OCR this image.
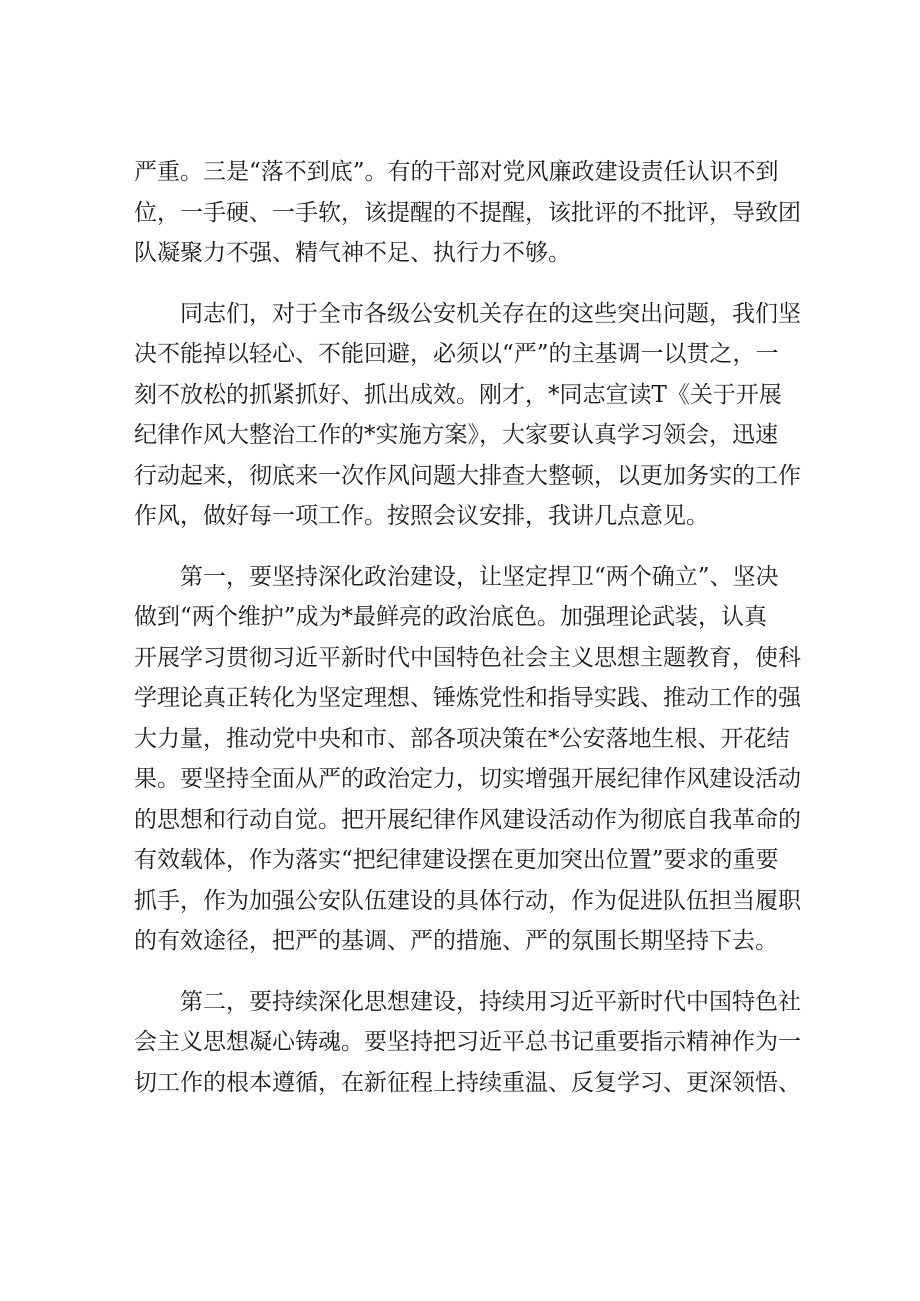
严重。三是“落不到底”。有的干部对党风廉政建设责任认识不到
位，一手硬、一手软，该提醒的不提醒，该批评的不批评，导致团
队凝聚力不强、精气神不足、执行力不够。
同志们，对于全市各级公安机关存在的这些突出问题，我们坚
决不能掉以轻心、不能回避，必须以“严”的主基调一以贯之，一
刻不放松的抓紧抓好、抓出成效。刚才，*同志宣读T《关于开展
纪律作风大整治工作的*实施方案》，大家要认真学习领会，迅速
行动起来，彻底来一次作风问题大排查大整顿，以更加务实的工作
作风，做好每一项工作。按照会议安排，我讲几点意见。
第一，要坚持深化政治建设，让坚定捍卫“两个确立”、坚决
做到“两个维护”成为*最鲜亮的政治底色。加强理论武装，认真
开展学习贯彻习近平新时代中国特色社会主义思想主题教育，使科
学理论真正转化为坚定理想、锤炼党性和指导实践、推动工作的强
大力量，推动党中央和市、部各项决策在*公安落地生根、开花结
果。要坚持全面从严的政治定力，切实增强开展纪律作风建设活动
的思想和行动自觉。把开展纪律作风建设活动作为彻底自我革命的
有效载体，作为落实“把纪律建设摆在更加突出位置”要求的重要
抓手，作为加强公安队伍建设的具体行动，作为促进队伍担当履职
的有效途径，把严的基调、严的措施、严的氛围长期坚持下去。
第二，要持续深化思想建设，持续用习近平新时代中国特色社
会主义思想凝心铸魂。要坚持把习近平总书记重要指示精神作为一
切工作的根本遵循，在新征程上持续重温、反复学习、更深领悟、
